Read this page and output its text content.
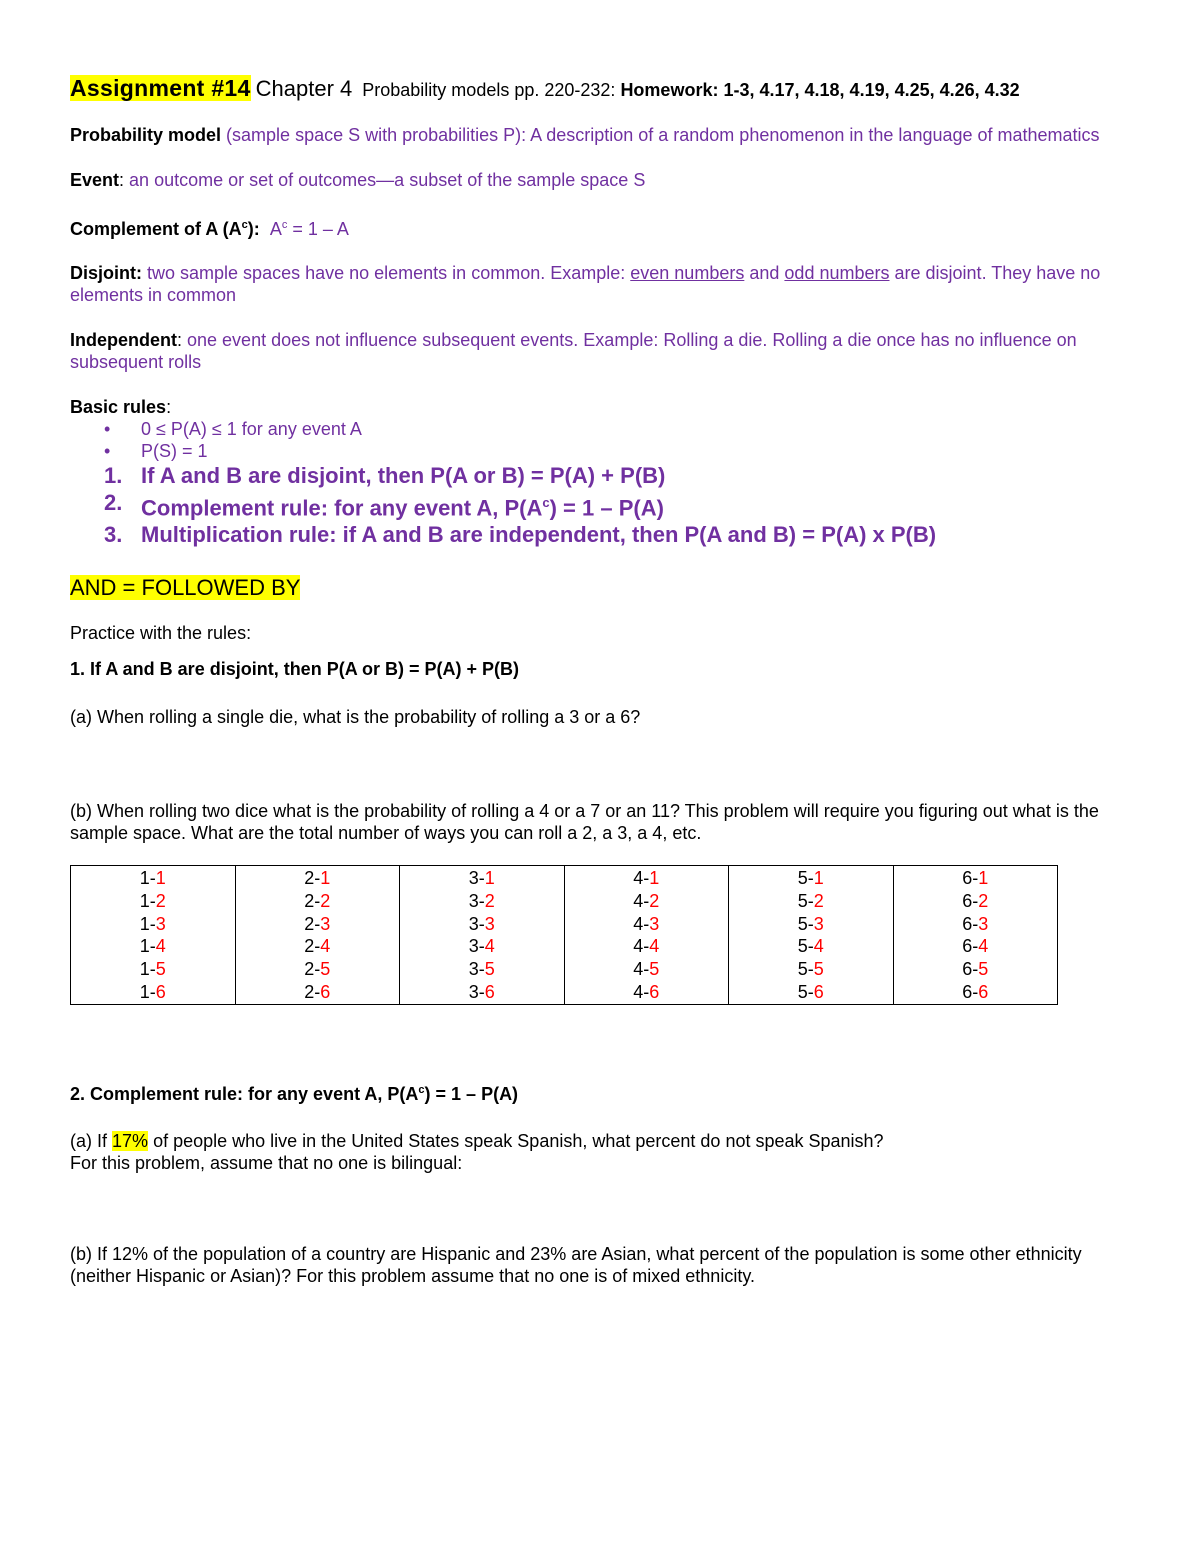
Assignment #14 Chapter 4 Probability models pp. 220-232: Homework: 1-3, 4.17, 4.18, 4.19, 4.25, 4.26, 4.32
Probability model (sample space S with probabilities P): A description of a random phenomenon in the language of mathematics
Event: an outcome or set of outcomes—a subset of the sample space S
Complement of A $(A^c)$: $A^c = 1 - A$
Disjoint: two sample spaces have no elements in common. Example: even numbers and odd numbers are disjoint. They have no elements in common
Independent: one event does not influence subsequent events. Example: Rolling a die. Rolling a die once has no influence on subsequent rolls
Basic rules:
• 0 ≤ P(A) ≤ 1 for any event A
• P(S) = 1
1. If A and B are disjoint, then P(A or B) = P(A) + P(B)
2. Complement rule: for any event A, $P(A^c) = 1 - P(A)$
3. Multiplication rule: if A and B are independent, then P(A and B) = P(A) x P(B)
AND = FOLLOWED BY
Practice with the rules:
1. If A and B are disjoint, then P(A or B) = P(A) + P(B)
(a) When rolling a single die, what is the probability of rolling a 3 or a 6?
(b) When rolling two dice what is the probability of rolling a 4 or a 7 or an 11? This problem will require you figuring out what is the sample space. What are the total number of ways you can roll a 2, a 3, a 4, etc.
1-1
1-2
1-3
1-4
1-5
1-6

2-1
2-2
2-3
2-4
2-5
2-6

3-1
3-2
3-3
3-4
3-5
3-6

4-1
4-2
4-3
4-4
4-5
4-6

5-1
5-2
5-3
5-4
5-5
5-6

6-1
6-2
6-3
6-4
6-5
6-6
2. Complement rule: for any event A, $P(A^c) = 1 - P(A)$
(a) If 17% of people who live in the United States speak Spanish, what percent do not speak Spanish?
For this problem, assume that no one is bilingual:
(b) If 12% of the population of a country are Hispanic and 23% are Asian, what percent of the population is some other ethnicity (neither Hispanic or Asian)? For this problem assume that no one is of mixed ethnicity.
